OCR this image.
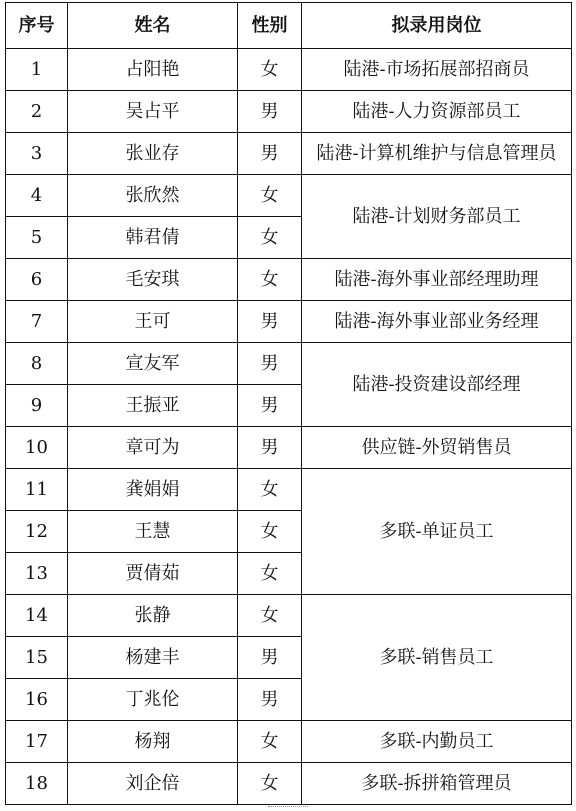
序号	姓名	性别	拟录用岗位
1	占阳艳	女	陆港-市场拓展部招商员
2	吴占平	男	陆港-人力资源部员工
3	张业存	男	陆港-计算机维护与信息管理员
4	张欣然	女	陆港-计划财务部员工
5	韩君倩	女	
6	毛安琪	女	陆港-海外事业部经理助理
7	王可	男	陆港-海外事业部业务经理
8	宣友军	男	陆港-投资建设部经理
9	王振亚	男	
10	章可为	男	供应链-外贸销售员
11	龚娟娟	女	多联-单证员工
12	王慧	女	
13	贾倩茹	女	
14	张静	女	多联-销售员工
15	杨建丰	男	
16	丁兆伦	男	
17	杨翔	女	多联-内勤员工
18	刘企倍	女	多联-拆拼箱管理员
